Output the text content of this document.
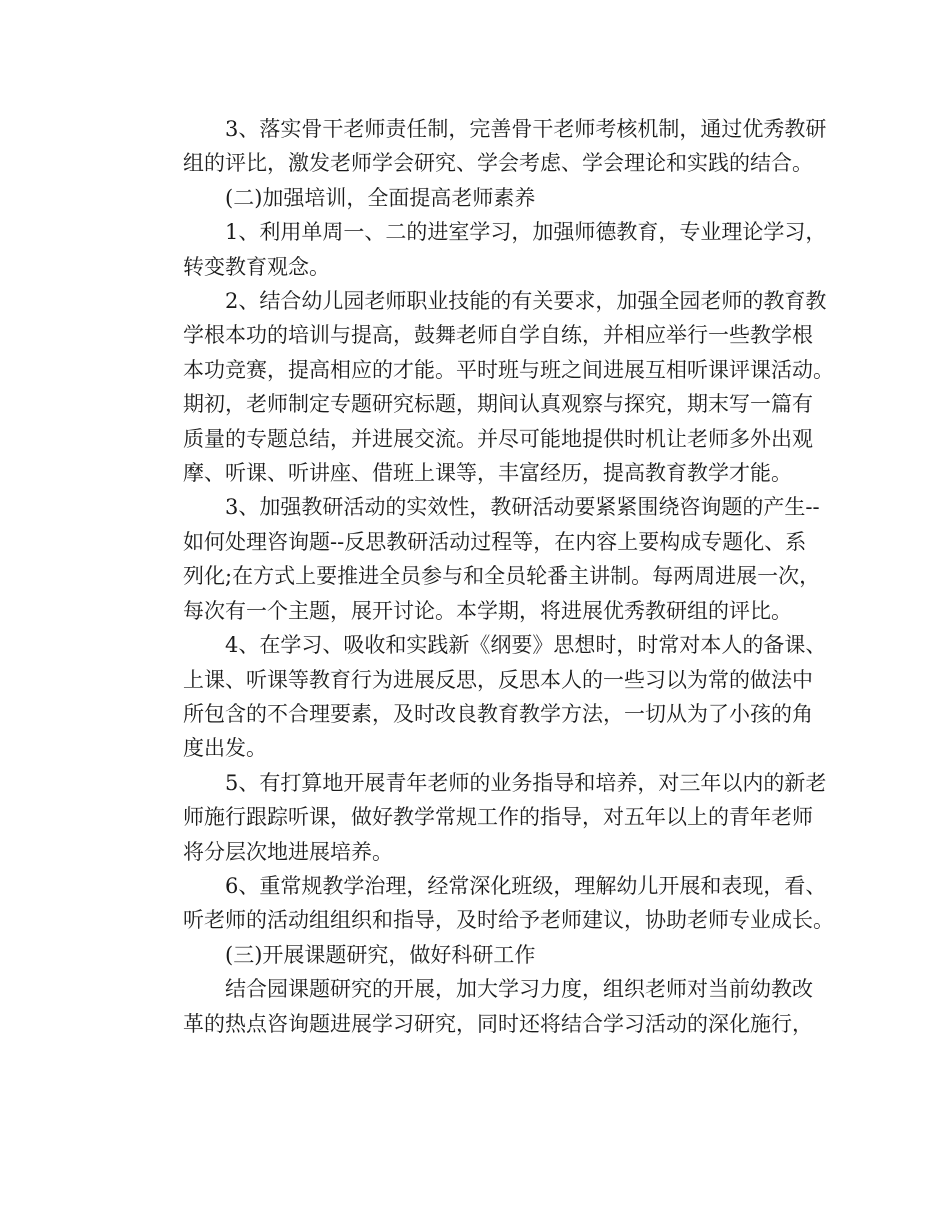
3、落实骨干老师责任制，完善骨干老师考核机制，通过优秀教研
组的评比，激发老师学会研究、学会考虑、学会理论和实践的结合。
(二)加强培训，全面提高老师素养
1、利用单周一、二的进室学习，加强师德教育，专业理论学习，
转变教育观念。
2、结合幼儿园老师职业技能的有关要求，加强全园老师的教育教
学根本功的培训与提高，鼓舞老师自学自练，并相应举行一些教学根
本功竞赛，提高相应的才能。平时班与班之间进展互相听课评课活动。
期初，老师制定专题研究标题，期间认真观察与探究，期末写一篇有
质量的专题总结，并进展交流。并尽可能地提供时机让老师多外出观
摩、听课、听讲座、借班上课等，丰富经历，提高教育教学才能。
3、加强教研活动的实效性，教研活动要紧紧围绕咨询题的产生--
如何处理咨询题--反思教研活动过程等，在内容上要构成专题化、系
列化;在方式上要推进全员参与和全员轮番主讲制。每两周进展一次，
每次有一个主题，展开讨论。本学期，将进展优秀教研组的评比。
4、在学习、吸收和实践新《纲要》思想时，时常对本人的备课、
上课、听课等教育行为进展反思，反思本人的一些习以为常的做法中
所包含的不合理要素，及时改良教育教学方法，一切从为了小孩的角
度出发。
5、有打算地开展青年老师的业务指导和培养，对三年以内的新老
师施行跟踪听课，做好教学常规工作的指导，对五年以上的青年老师
将分层次地进展培养。
6、重常规教学治理，经常深化班级，理解幼儿开展和表现，看、
听老师的活动组组织和指导，及时给予老师建议，协助老师专业成长。
(三)开展课题研究，做好科研工作
结合园课题研究的开展，加大学习力度，组织老师对当前幼教改
革的热点咨询题进展学习研究，同时还将结合学习活动的深化施行，
